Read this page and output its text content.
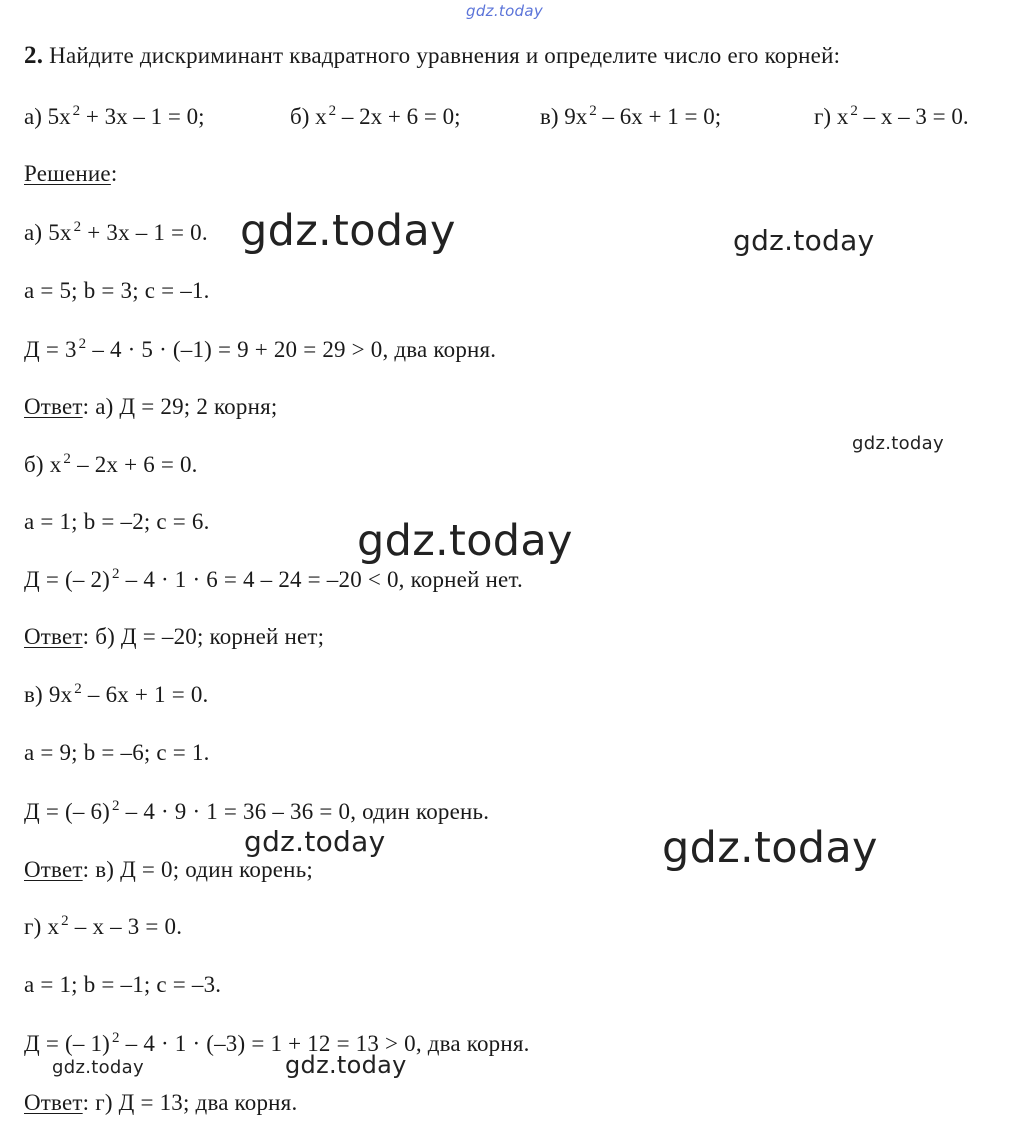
gdz.today
2. Найдите дискриминант квадратного уравнения и определите число его корней:
а) 5x $^2$ + 3x – 1 = 0;	б) x $^2$ – 2x + 6 = 0;	в) 9x $^2$ – 6x + 1 = 0;	г) x $^2$ – x – 3 = 0.
Решение:
а) 5x $^2$ + 3x – 1 = 0.
a = 5; b = 3; c = –1.
Д = 3 $^2$ – 4 · 5 · (–1) = 9 + 20 = 29 > 0, два корня.
Ответ: а) Д = 29; 2 корня;
б) x $^2$ – 2x + 6 = 0.
a = 1; b = –2; c = 6.
Д = (– 2) $^2$ – 4 · 1 · 6 = 4 – 24 = –20 < 0, корней нет.
Ответ: б) Д = –20; корней нет;
в) 9x $^2$ – 6x + 1 = 0.
a = 9; b = –6; c = 1.
Д = (– 6) $^2$ – 4 · 9 · 1 = 36 – 36 = 0, один корень.
Ответ: в) Д = 0; один корень;
г) x $^2$ – x – 3 = 0.
a = 1; b = –1; c = –3.
Д = (– 1) $^2$ – 4 · 1 · (–3) = 1 + 12 = 13 > 0, два корня.
Ответ: г) Д = 13; два корня.
gdz.today	gdz.today
gdz.today
gdz.today
gdz.today	gdz.today
gdz.today	gdz.today
